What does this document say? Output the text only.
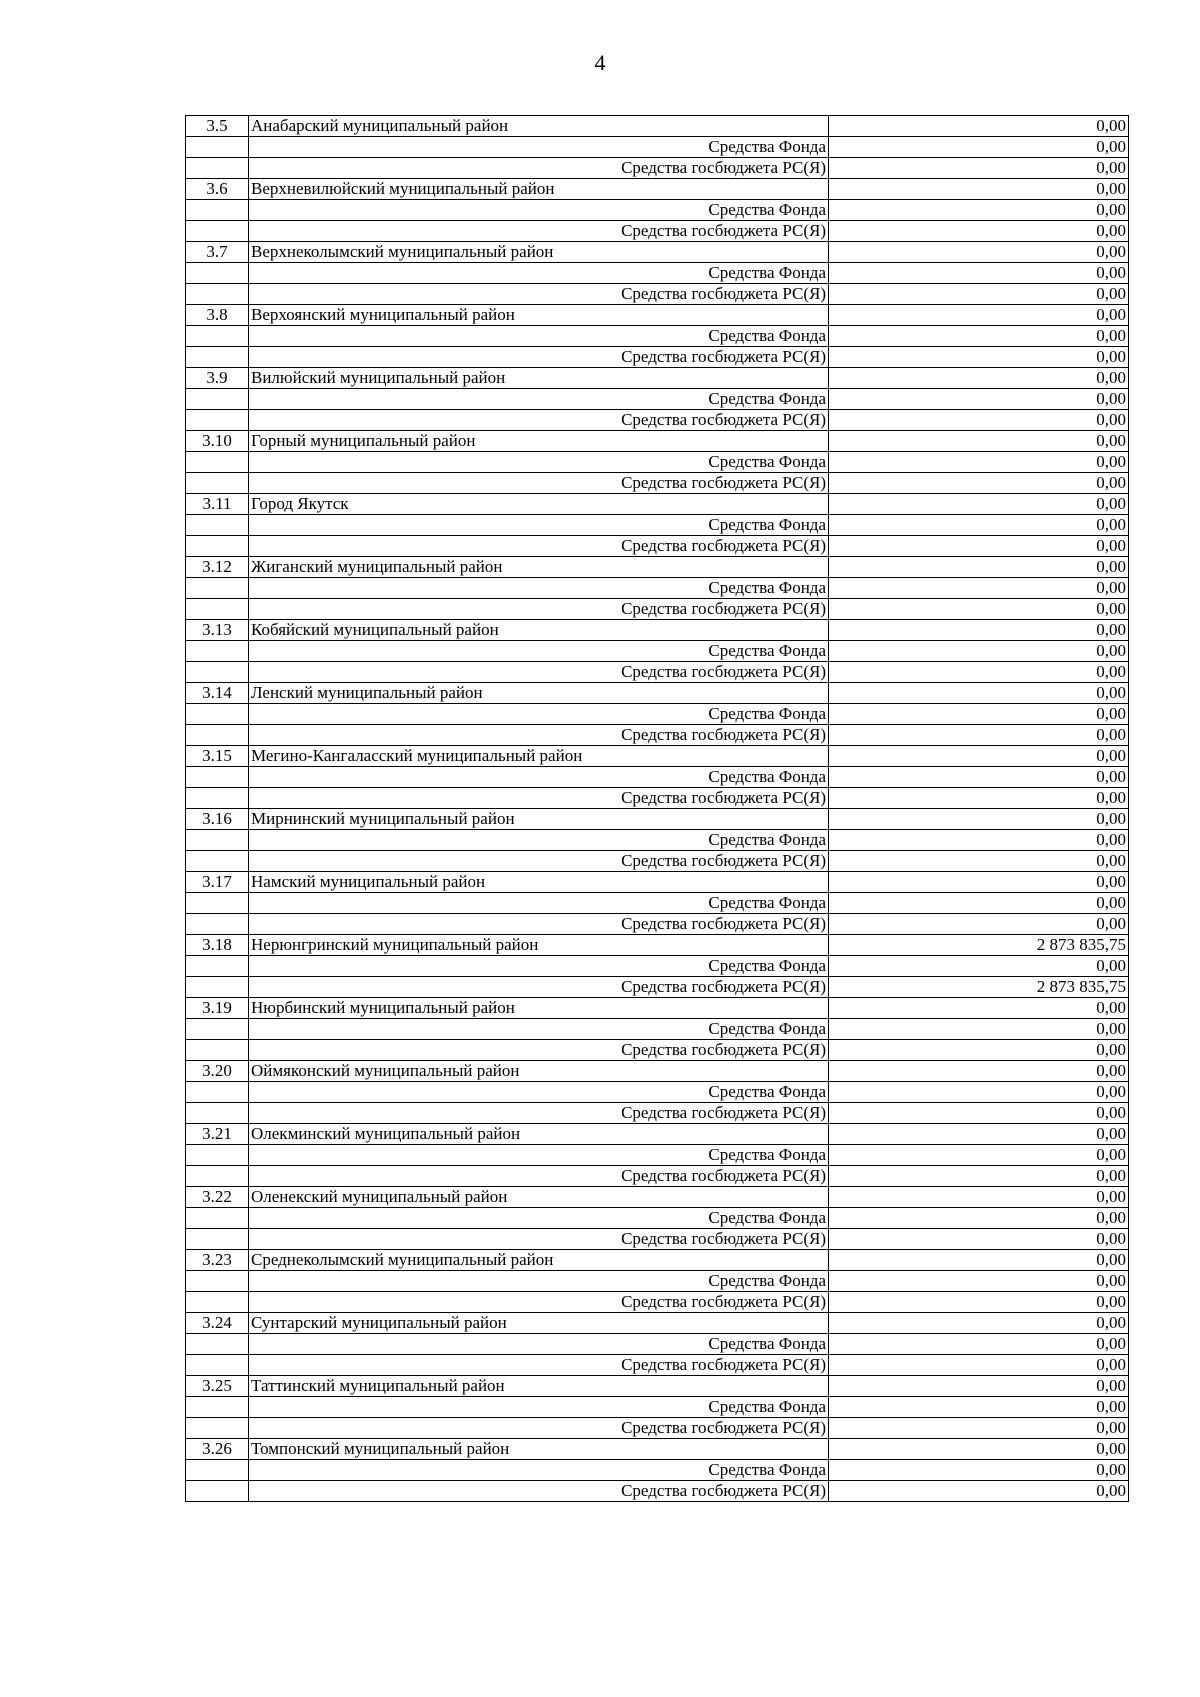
4
3.5	Анабарский муниципальный район	0,00
	Средства Фонда	0,00
	Средства госбюджета РС(Я)	0,00
3.6	Верхневилюйский муниципальный район	0,00
	Средства Фонда	0,00
	Средства госбюджета РС(Я)	0,00
3.7	Верхнеколымский муниципальный район	0,00
	Средства Фонда	0,00
	Средства госбюджета РС(Я)	0,00
3.8	Верхоянский муниципальный район	0,00
	Средства Фонда	0,00
	Средства госбюджета РС(Я)	0,00
3.9	Вилюйский муниципальный район	0,00
	Средства Фонда	0,00
	Средства госбюджета РС(Я)	0,00
3.10	Горный муниципальный район	0,00
	Средства Фонда	0,00
	Средства госбюджета РС(Я)	0,00
3.11	Город Якутск	0,00
	Средства Фонда	0,00
	Средства госбюджета РС(Я)	0,00
3.12	Жиганский муниципальный район	0,00
	Средства Фонда	0,00
	Средства госбюджета РС(Я)	0,00
3.13	Кобяйский муниципальный район	0,00
	Средства Фонда	0,00
	Средства госбюджета РС(Я)	0,00
3.14	Ленский муниципальный район	0,00
	Средства Фонда	0,00
	Средства госбюджета РС(Я)	0,00
3.15	Мегино-Кангаласский муниципальный район	0,00
	Средства Фонда	0,00
	Средства госбюджета РС(Я)	0,00
3.16	Мирнинский муниципальный район	0,00
	Средства Фонда	0,00
	Средства госбюджета РС(Я)	0,00
3.17	Намский муниципальный район	0,00
	Средства Фонда	0,00
	Средства госбюджета РС(Я)	0,00
3.18	Нерюнгринский муниципальный район	2 873 835,75
	Средства Фонда	0,00
	Средства госбюджета РС(Я)	2 873 835,75
3.19	Нюрбинский муниципальный район	0,00
	Средства Фонда	0,00
	Средства госбюджета РС(Я)	0,00
3.20	Оймяконский муниципальный район	0,00
	Средства Фонда	0,00
	Средства госбюджета РС(Я)	0,00
3.21	Олекминский муниципальный район	0,00
	Средства Фонда	0,00
	Средства госбюджета РС(Я)	0,00
3.22	Оленекский муниципальный район	0,00
	Средства Фонда	0,00
	Средства госбюджета РС(Я)	0,00
3.23	Среднеколымский муниципальный район	0,00
	Средства Фонда	0,00
	Средства госбюджета РС(Я)	0,00
3.24	Сунтарский муниципальный район	0,00
	Средства Фонда	0,00
	Средства госбюджета РС(Я)	0,00
3.25	Таттинский муниципальный район	0,00
	Средства Фонда	0,00
	Средства госбюджета РС(Я)	0,00
3.26	Томпонский муниципальный район	0,00
	Средства Фонда	0,00
	Средства госбюджета РС(Я)	0,00
